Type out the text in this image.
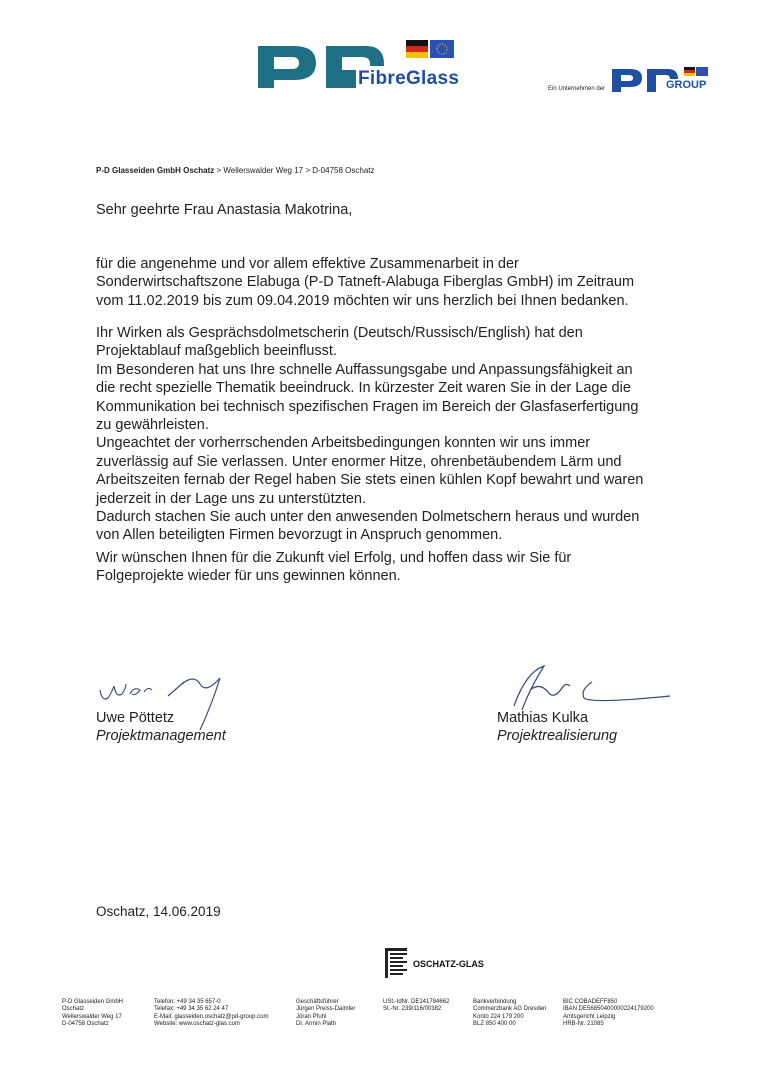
FibreGlass	Ein Unternehmen der	GROUP
P-D Glasseiden GmbH Oschatz > Wellerswalder Weg 17 > D-04758 Oschatz
Sehr geehrte Frau Anastasia Makotrina,
für die angenehme und vor allem effektive Zusammenarbeit in der
Sonderwirtschaftszone Elabuga (P-D Tatneft-Alabuga Fiberglas GmbH) im Zeitraum
vom 11.02.2019 bis zum 09.04.2019 möchten wir uns herzlich bei Ihnen bedanken.
Ihr Wirken als Gesprächsdolmetscherin (Deutsch/Russisch/English) hat den
Projektablauf maßgeblich beeinflusst.
Im Besonderen hat uns Ihre schnelle Auffassungsgabe und Anpassungsfähigkeit an
die recht spezielle Thematik beeindruck. In kürzester Zeit waren Sie in der Lage die
Kommunikation bei technisch spezifischen Fragen im Bereich der Glasfaserfertigung
zu gewährleisten.
Ungeachtet der vorherrschenden Arbeitsbedingungen konnten wir uns immer
zuverlässig auf Sie verlassen. Unter enormer Hitze, ohrenbetäubendem Lärm und
Arbeitszeiten fernab der Regel haben Sie stets einen kühlen Kopf bewahrt und waren
jederzeit in der Lage uns zu unterstützten.
Dadurch stachen Sie auch unter den anwesenden Dolmetschern heraus und wurden
von Allen beteiligten Firmen bevorzugt in Anspruch genommen.
Wir wünschen Ihnen für die Zukunft viel Erfolg, und hoffen dass wir Sie für
Folgeprojekte wieder für uns gewinnen können.
Uwe Pöttetz
Projektmanagement
Mathias Kulka
Projektrealisierung
Oschatz, 14.06.2019
OSCHATZ-GLAS
P-D Glasseiden GmbH
Oschatz
Wellerswalder Weg 17
D-04758 Oschatz
Telefon: +49 34 35 657-0
Telefax: +49 34 35 62 24 47
E-Mail: glasseiden.oschatz@pd-group.com
Website: www.oschatz-glas.com
Geschäftsführer
Jürgen Preiss-Daimler
Jöran Pfuhl
Dr. Armin Plath
USt.-IdNr. DE141784662
St.-Nr. 239/116/00382
Bankverbindung
Commerzbank AG Dresden
Konto 224 179 200
BLZ 850 400 00
BIC COBADEFF850
IBAN DE56850400000224179200
Amtsgericht Leipzig
HRB-Nr. 21085
